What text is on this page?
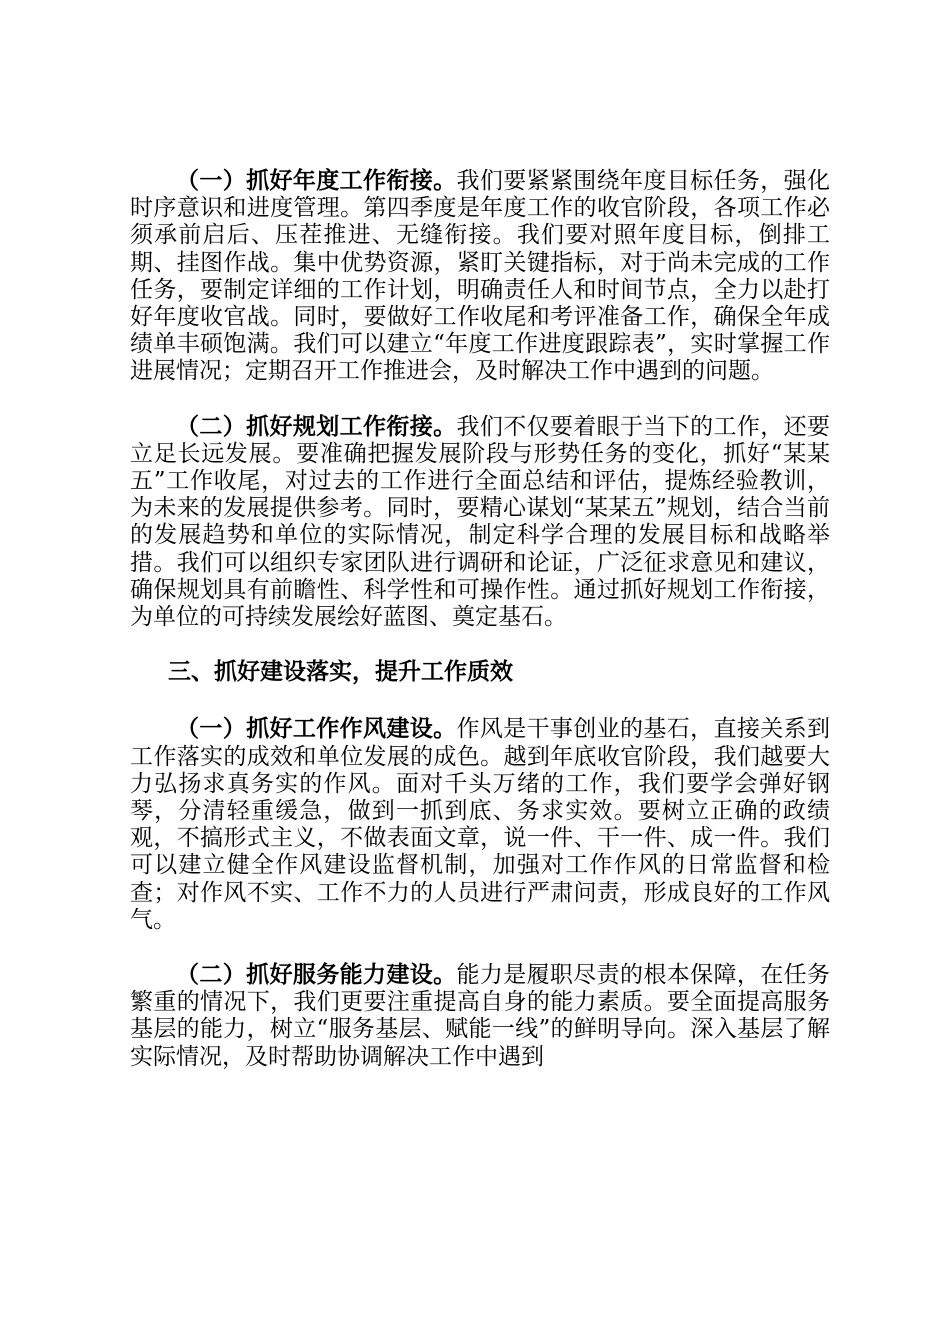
（一）抓好年度工作衔接。我们要紧紧围绕年度目标任务，强化时序意识和进度管理。第四季度是年度工作的收官阶段，各项工作必须承前启后、压茬推进、无缝衔接。我们要对照年度目标，倒排工期、挂图作战。集中优势资源，紧盯关键指标，对于尚未完成的工作任务，要制定详细的工作计划，明确责任人和时间节点，全力以赴打好年度收官战。同时，要做好工作收尾和考评准备工作，确保全年成绩单丰硕饱满。我们可以建立“年度工作进度跟踪表”，实时掌握工作进展情况；定期召开工作推进会，及时解决工作中遇到的问题。

（二）抓好规划工作衔接。我们不仅要着眼于当下的工作，还要立足长远发展。要准确把握发展阶段与形势任务的变化，抓好“某某五”工作收尾，对过去的工作进行全面总结和评估，提炼经验教训，为未来的发展提供参考。同时，要精心谋划“某某五”规划，结合当前的发展趋势和单位的实际情况，制定科学合理的发展目标和战略举措。我们可以组织专家团队进行调研和论证，广泛征求意见和建议，确保规划具有前瞻性、科学性和可操作性。通过抓好规划工作衔接，为单位的可持续发展绘好蓝图、奠定基石。

三、抓好建设落实，提升工作质效

（一）抓好工作作风建设。作风是干事创业的基石，直接关系到工作落实的成效和单位发展的成色。越到年底收官阶段，我们越要大力弘扬求真务实的作风。面对千头万绪的工作，我们要学会弹好钢琴，分清轻重缓急，做到一抓到底、务求实效。要树立正确的政绩观，不搞形式主义，不做表面文章，说一件、干一件、成一件。我们可以建立健全作风建设监督机制，加强对工作作风的日常监督和检查；对作风不实、工作不力的人员进行严肃问责，形成良好的工作风气。

（二）抓好服务能力建设。能力是履职尽责的根本保障，在任务繁重的情况下，我们更要注重提高自身的能力素质。要全面提高服务基层的能力，树立“服务基层、赋能一线”的鲜明导向。深入基层了解实际情况，及时帮助协调解决工作中遇到
